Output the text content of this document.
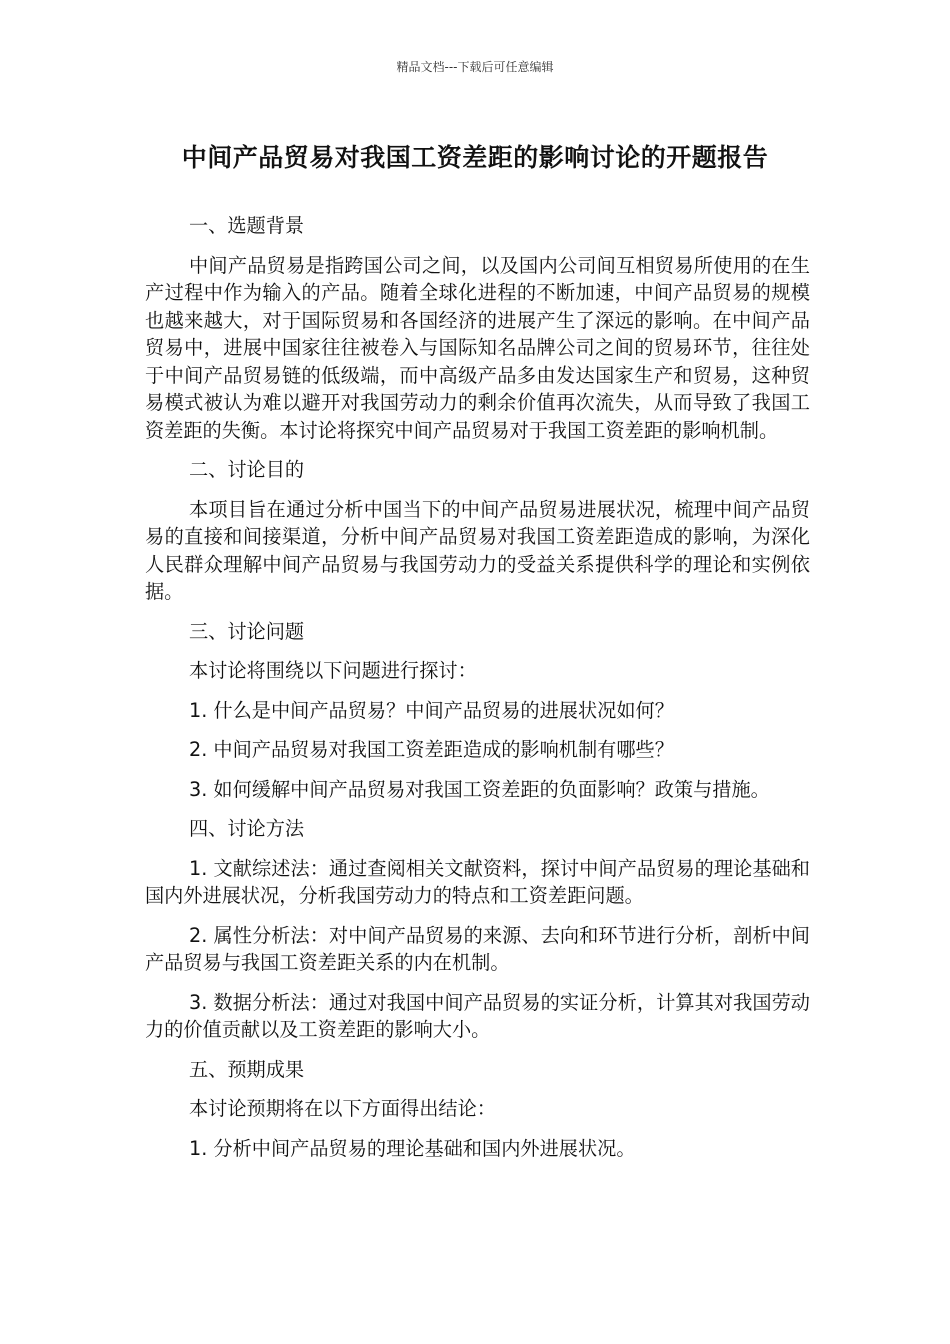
精品文档---下载后可任意编辑
中间产品贸易对我国工资差距的影响讨论的开题报告

一、选题背景

中间产品贸易是指跨国公司之间，以及国内公司间互相贸易所使用的在生产过程中作为输入的产品。随着全球化进程的不断加速，中间产品贸易的规模也越来越大，对于国际贸易和各国经济的进展产生了深远的影响。在中间产品贸易中，进展中国家往往被卷入与国际知名品牌公司之间的贸易环节，往往处于中间产品贸易链的低级端，而中高级产品多由发达国家生产和贸易，这种贸易模式被认为难以避开对我国劳动力的剩余价值再次流失，从而导致了我国工资差距的失衡。本讨论将探究中间产品贸易对于我国工资差距的影响机制。

二、讨论目的

本项目旨在通过分析中国当下的中间产品贸易进展状况，梳理中间产品贸易的直接和间接渠道，分析中间产品贸易对我国工资差距造成的影响，为深化人民群众理解中间产品贸易与我国劳动力的受益关系提供科学的理论和实例依据。

三、讨论问题

本讨论将围绕以下问题进行探讨：

1. 什么是中间产品贸易？中间产品贸易的进展状况如何？

2. 中间产品贸易对我国工资差距造成的影响机制有哪些？

3. 如何缓解中间产品贸易对我国工资差距的负面影响？政策与措施。

四、讨论方法

1. 文献综述法：通过查阅相关文献资料，探讨中间产品贸易的理论基础和国内外进展状况，分析我国劳动力的特点和工资差距问题。

2. 属性分析法：对中间产品贸易的来源、去向和环节进行分析，剖析中间产品贸易与我国工资差距关系的内在机制。

3. 数据分析法：通过对我国中间产品贸易的实证分析，计算其对我国劳动力的价值贡献以及工资差距的影响大小。

五、预期成果

本讨论预期将在以下方面得出结论：

1. 分析中间产品贸易的理论基础和国内外进展状况。
